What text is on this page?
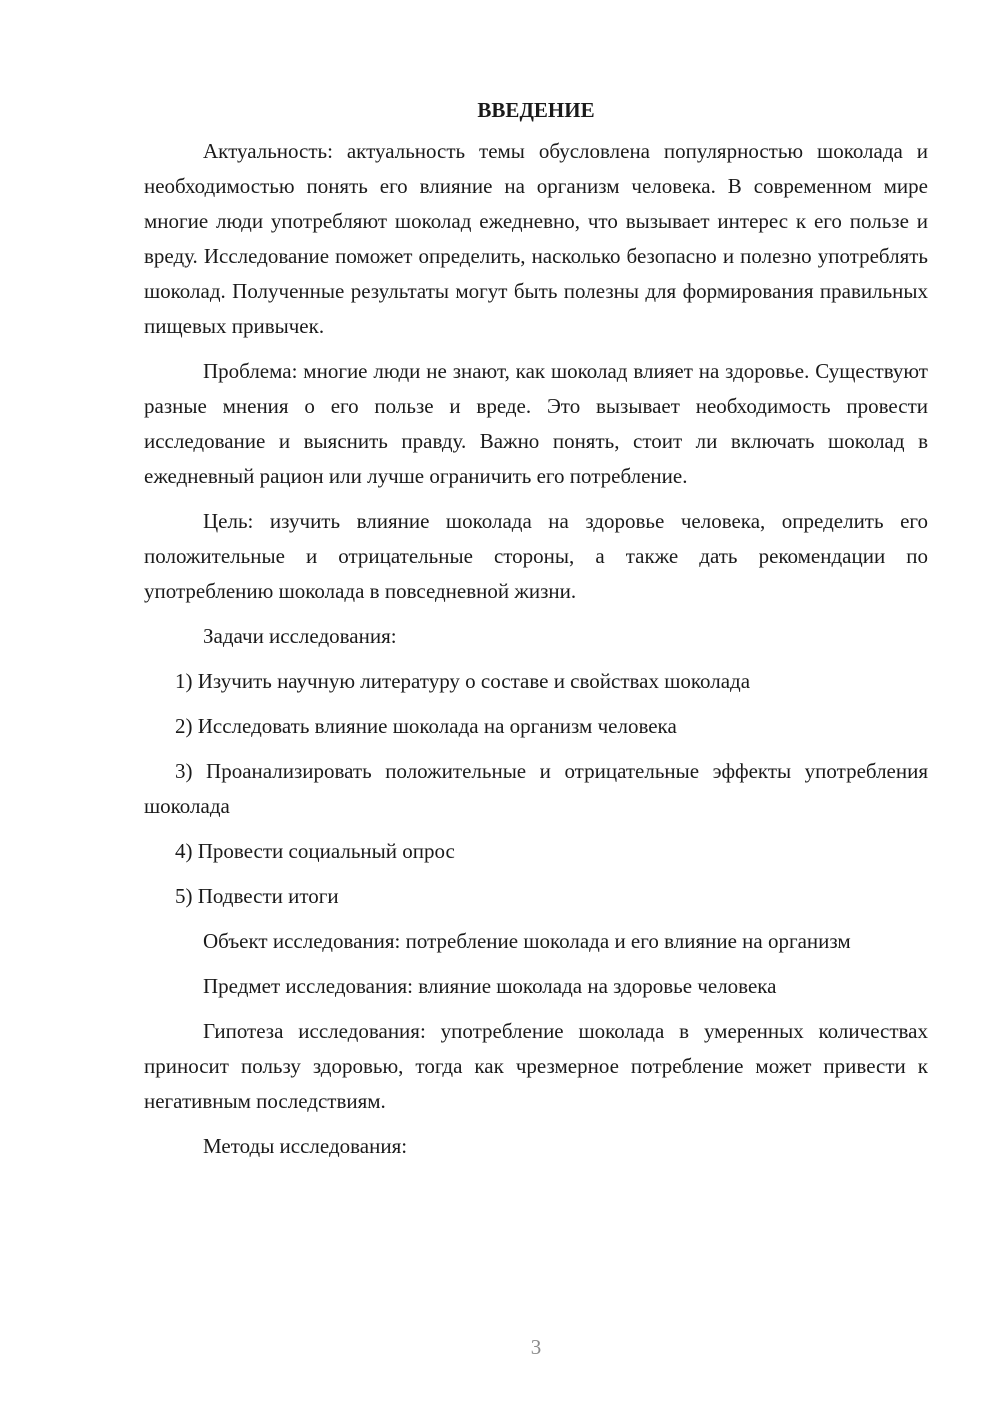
ВВЕДЕНИЕ

Актуальность: актуальность темы обусловлена популярностью шоколада и необходимостью понять его влияние на организм человека. В современном мире многие люди употребляют шоколад ежедневно, что вызывает интерес к его пользе и вреду. Исследование поможет определить, насколько безопасно и полезно употреблять шоколад. Полученные результаты могут быть полезны для формирования правильных пищевых привычек.

Проблема: многие люди не знают, как шоколад влияет на здоровье. Существуют разные мнения о его пользе и вреде. Это вызывает необходимость провести исследование и выяснить правду. Важно понять, стоит ли включать шоколад в ежедневный рацион или лучше ограничить его потребление.

Цель: изучить влияние шоколада на здоровье человека, определить его положительные и отрицательные стороны, а также дать рекомендации по употреблению шоколада в повседневной жизни.

Задачи исследования:

1) Изучить научную литературу о составе и свойствах шоколада

2) Исследовать влияние шоколада на организм человека

3) Проанализировать положительные и отрицательные эффекты употребления шоколада

4) Провести социальный опрос

5) Подвести итоги

Объект исследования: потребление шоколада и его влияние на организм

Предмет исследования: влияние шоколада на здоровье человека

Гипотеза исследования: употребление шоколада в умеренных количествах приносит пользу здоровью, тогда как чрезмерное потребление может привести к негативным последствиям.

Методы исследования:

3
